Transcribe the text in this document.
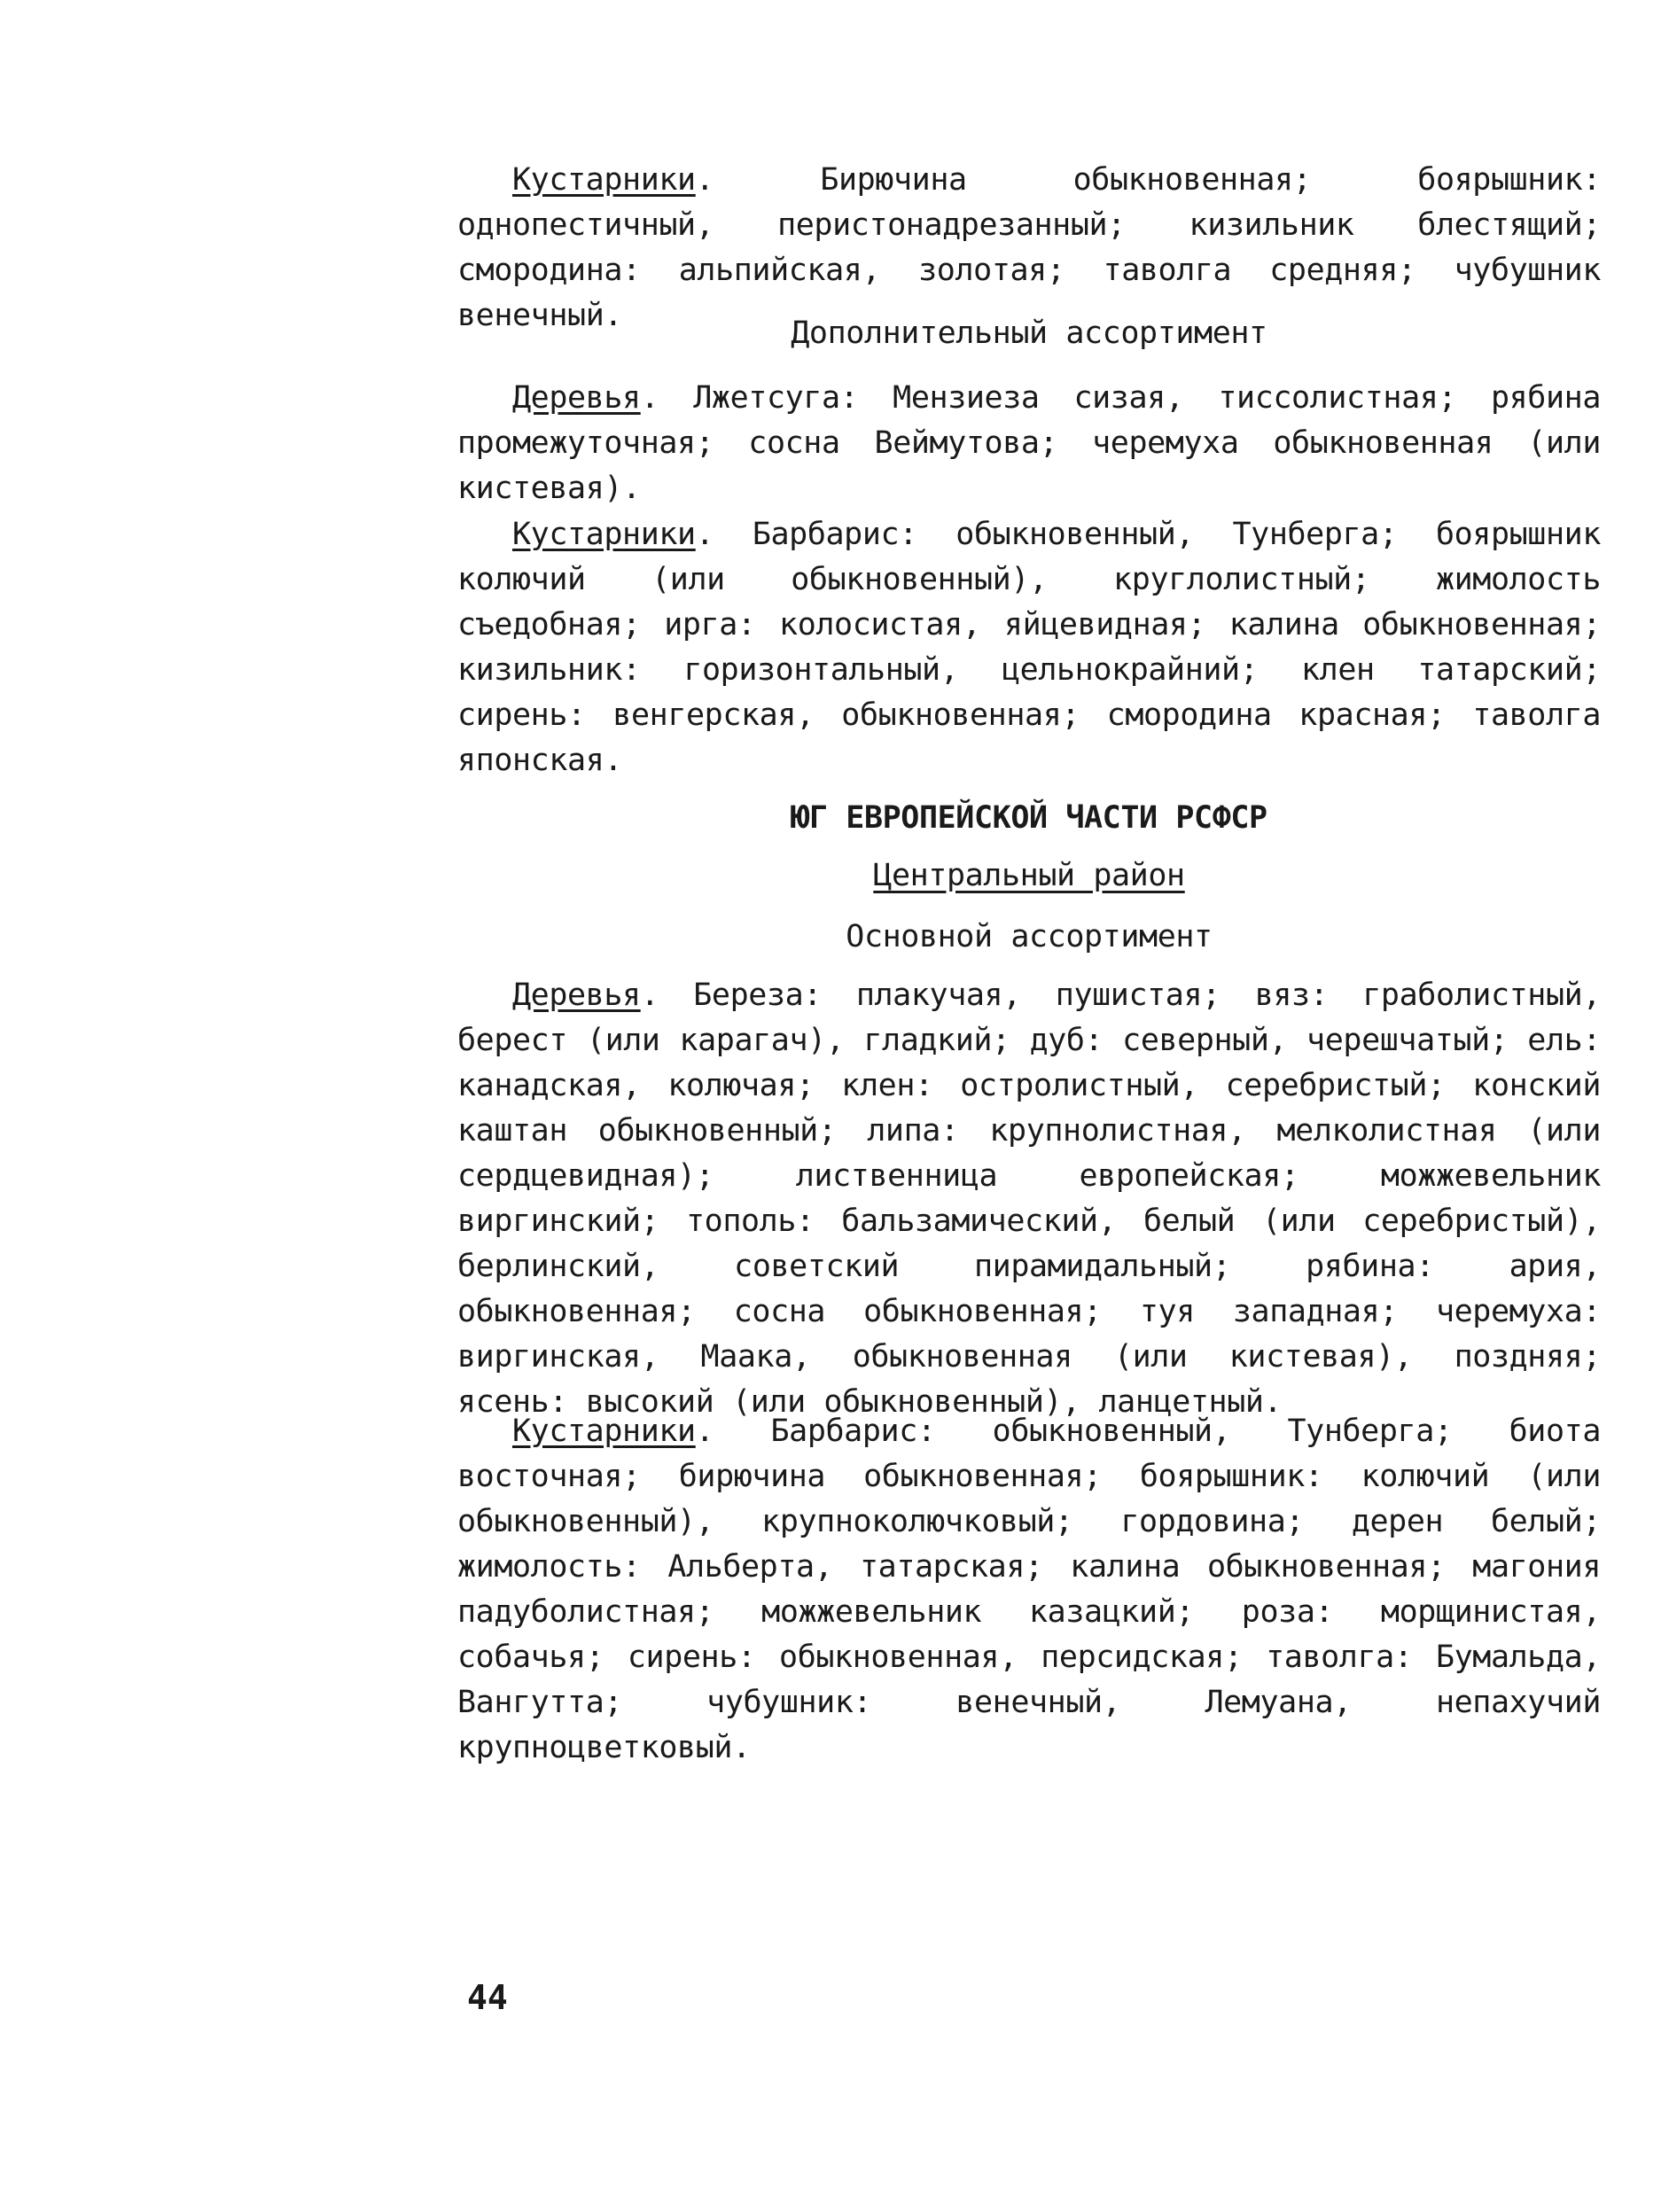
Кустарники. Бирючина обыкновенная; боярышник: однопестичный, перистонадрезанный; кизильник блестящий; смородина: альпийская, золотая; таволга средняя; чубушник венечный.	Дополнительный ассортимент

Деревья. Лжетсуга: Мензиеза сизая, тиссолистная; рябина промежуточная; сосна Веймутова; черемуха обыкновенная (или кистевая).

Кустарники. Барбарис: обыкновенный, Тунберга; боярышник колючий (или обыкновенный), круглолистный; жимолость съедобная; ирга: колосистая, яйцевидная; калина обыкновенная; кизильник: горизонтальный, цельнокрайний; клен татарский; сирень: венгерская, обыкновенная; смородина красная; таволга японская.

ЮГ ЕВРОПЕЙСКОЙ ЧАСТИ РСФСР

Центральный район

Основной ассортимент

Деревья. Береза: плакучая, пушистая; вяз: граболистный, берест (или карагач), гладкий; дуб: северный, черешчатый; ель: канадская, колючая; клен: остролистный, серебристый; конский каштан обыкновенный; липа: крупнолистная, мелколистная (или сердцевидная); лиственница европейская; можжевельник виргинский; тополь: бальзамический, белый (или серебристый), берлинский, советский пирамидальный; рябина: ария, обыкновенная; сосна обыкновенная; туя западная; черемуха: виргинская, Маака, обыкновенная (или кистевая), поздняя; ясень: высокий (или обыкновенный), ланцетный.

Кустарники. Барбарис: обыкновенный, Тунберга; биота восточная; бирючина обыкновенная; боярышник: колючий (или обыкновенный), крупноколючковый; гордовина; дерен белый; жимолость: Альберта, татарская; калина обыкновенная; магония падуболистная; можжевельник казацкий; роза: морщинистая, собачья; сирень: обыкновенная, персидская; таволга: Бумальда, Вангутта; чубушник: венечный, Лемуана, непахучий крупноцветковый.

44
